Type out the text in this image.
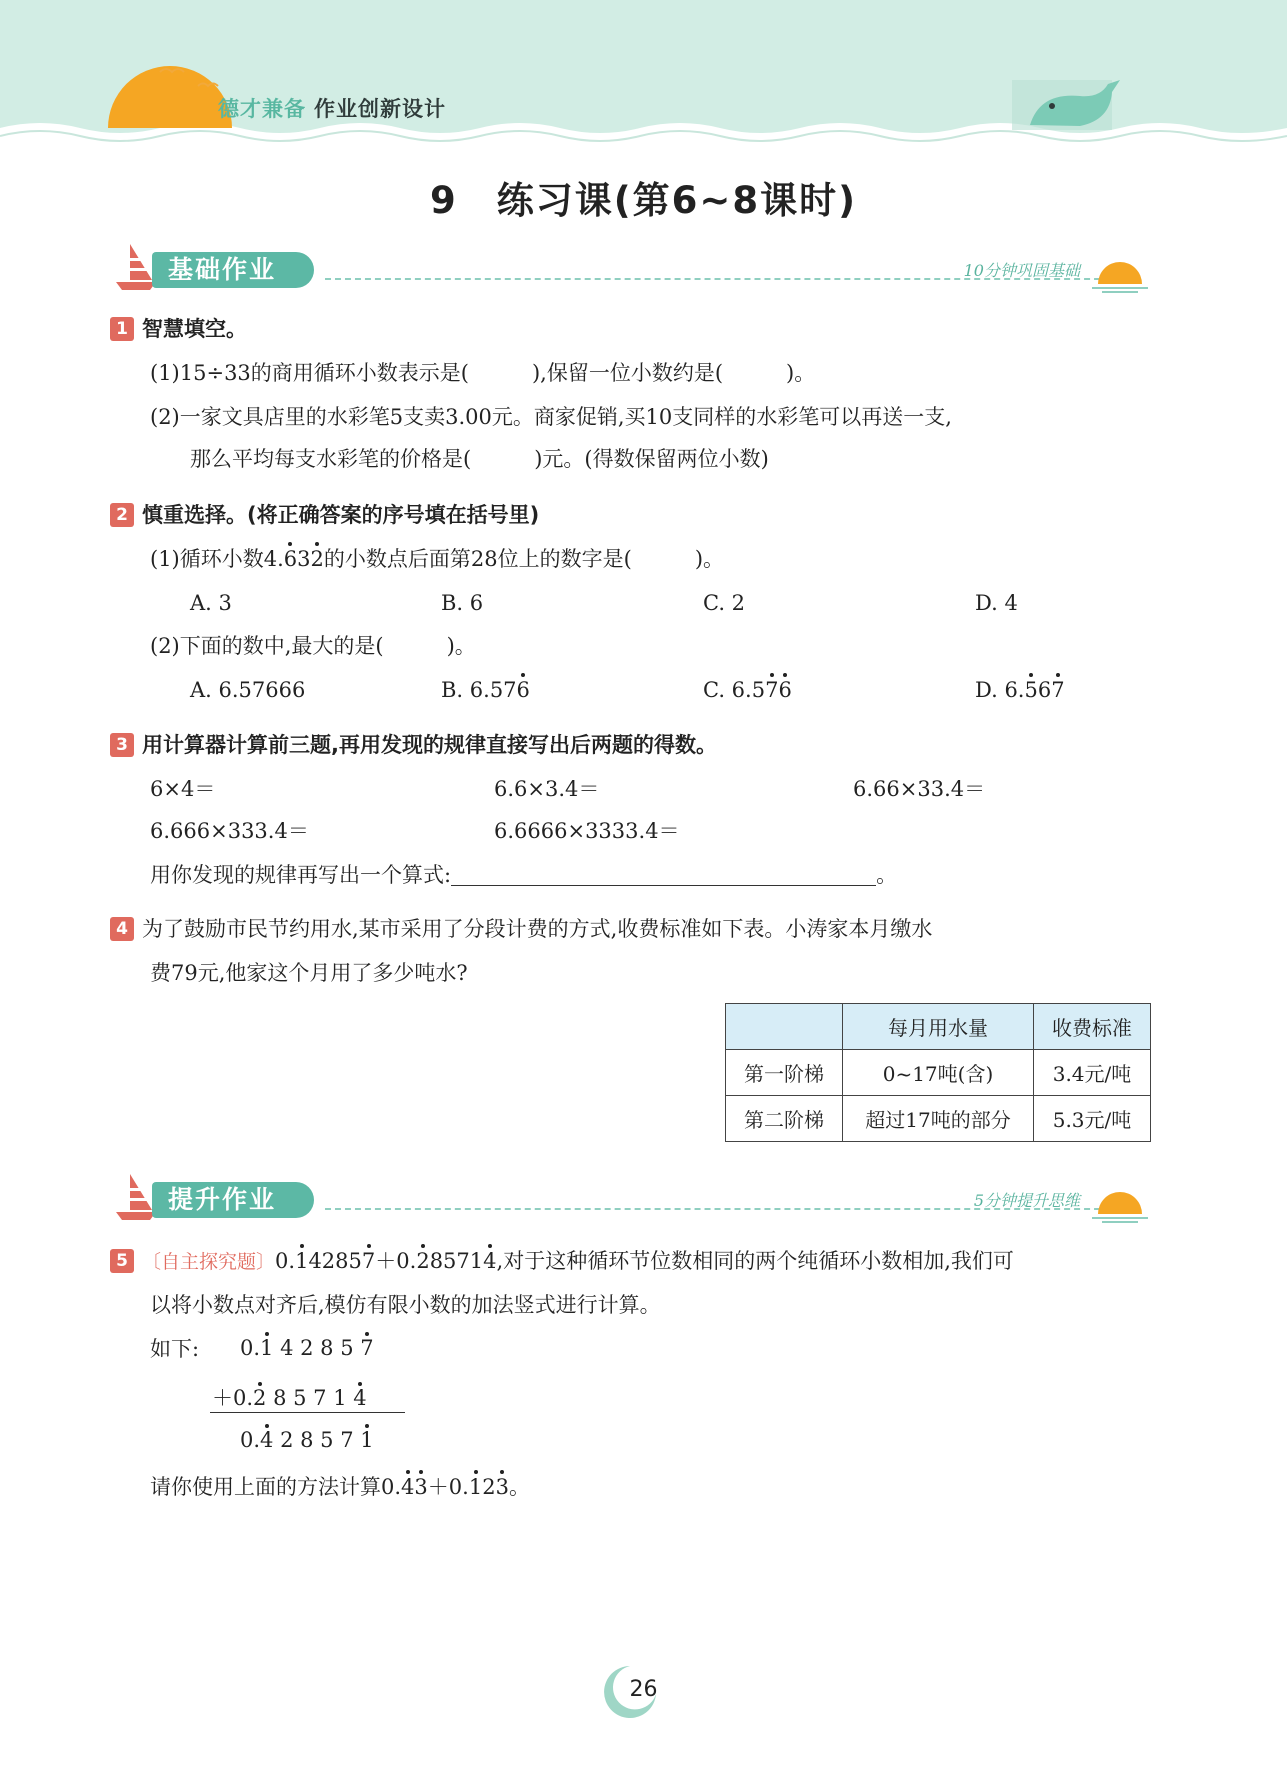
德才兼备 作业创新设计
9　练习课(第6~8课时)
基础作业	10分钟巩固基础
1 智慧填空。
(1)15÷33的商用循环小数表示是(　　　),保留一位小数约是(　　　)。
(2)一家文具店里的水彩笔5支卖3.00元。商家促销,买10支同样的水彩笔可以再送一支,
那么平均每支水彩笔的价格是(　　　)元。(得数保留两位小数)
2 慎重选择。(将正确答案的序号填在括号里)
(1)循环小数4.632的小数点后面第28位上的数字是(　　　)。
A. 3	B. 6	C. 2	D. 4
(2)下面的数中,最大的是(　　　)。
A. 6.57666	B. 6.576	C. 6.576	D. 6.567
3 用计算器计算前三题,再用发现的规律直接写出后两题的得数。
6×4＝	6.6×3.4＝	6.66×33.4＝
6.666×333.4＝	6.6666×3333.4＝
用你发现的规律再写出一个算式:	。
4 为了鼓励市民节约用水,某市采用了分段计费的方式,收费标准如下表。小涛家本月缴水
费79元,他家这个月用了多少吨水?
	每月用水量	收费标准
第一阶梯	0~17吨(含)	3.4元/吨
第二阶梯	超过17吨的部分	5.3元/吨
提升作业	5分钟提升思维
5 〔自主探究题〕0.142857＋0.285714,对于这种循环节位数相同的两个纯循环小数相加,我们可
以将小数点对齐后,模仿有限小数的加法竖式进行计算。
如下: 0.1 4 2 8 5 7
＋0.2 8 5 7 1 4
0.4 2 8 5 7 1
请你使用上面的方法计算0.43＋0.123。
26
